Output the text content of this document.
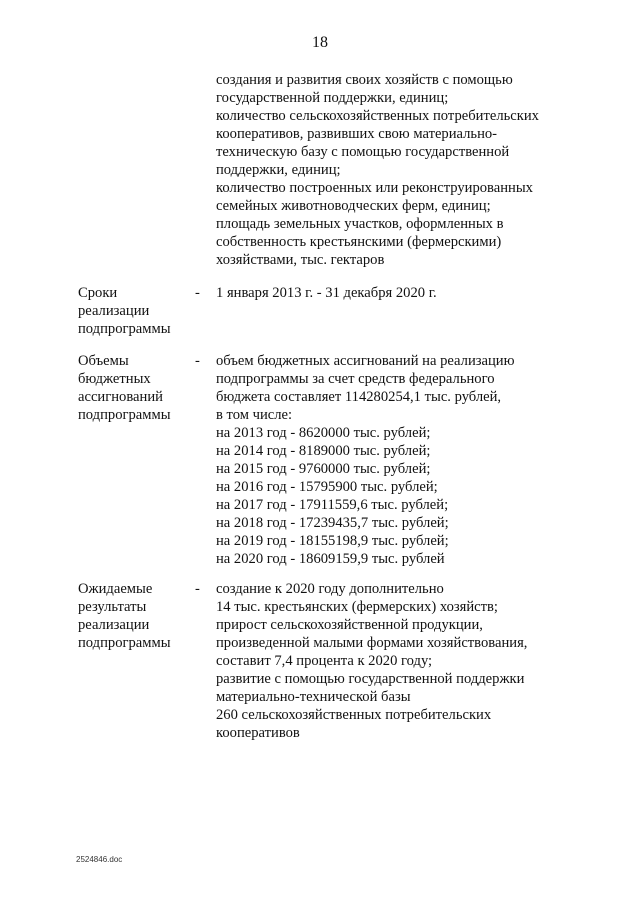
18
создания и развития своих хозяйств с помощью
государственной поддержки, единиц;
количество сельскохозяйственных потребительских
кооперативов, развивших свою материально-
техническую базу с помощью государственной
поддержки, единиц;
количество построенных или реконструированных
семейных животноводческих ферм, единиц;
площадь земельных участков, оформленных в
собственность крестьянскими (фермерскими)
хозяйствами, тыс. гектаров
Сроки
реализации
подпрограммы
- 1 января 2013 г. - 31 декабря 2020 г.
Объемы
бюджетных
ассигнований
подпрограммы
- объем бюджетных ассигнований на реализацию
подпрограммы за счет средств федерального
бюджета составляет 114280254,1 тыс. рублей,
в том числе:
на 2013 год - 8620000 тыс. рублей;
на 2014 год - 8189000 тыс. рублей;
на 2015 год - 9760000 тыс. рублей;
на 2016 год - 15795900 тыс. рублей;
на 2017 год - 17911559,6 тыс. рублей;
на 2018 год - 17239435,7 тыс. рублей;
на 2019 год - 18155198,9 тыс. рублей;
на 2020 год - 18609159,9 тыс. рублей
Ожидаемые
результаты
реализации
подпрограммы
- создание к 2020 году дополнительно
14 тыс. крестьянских (фермерских) хозяйств;
прирост сельскохозяйственной продукции,
произведенной малыми формами хозяйствования,
составит 7,4 процента к 2020 году;
развитие с помощью государственной поддержки
материально-технической базы
260 сельскохозяйственных потребительских
кооперативов
2524846.doc
